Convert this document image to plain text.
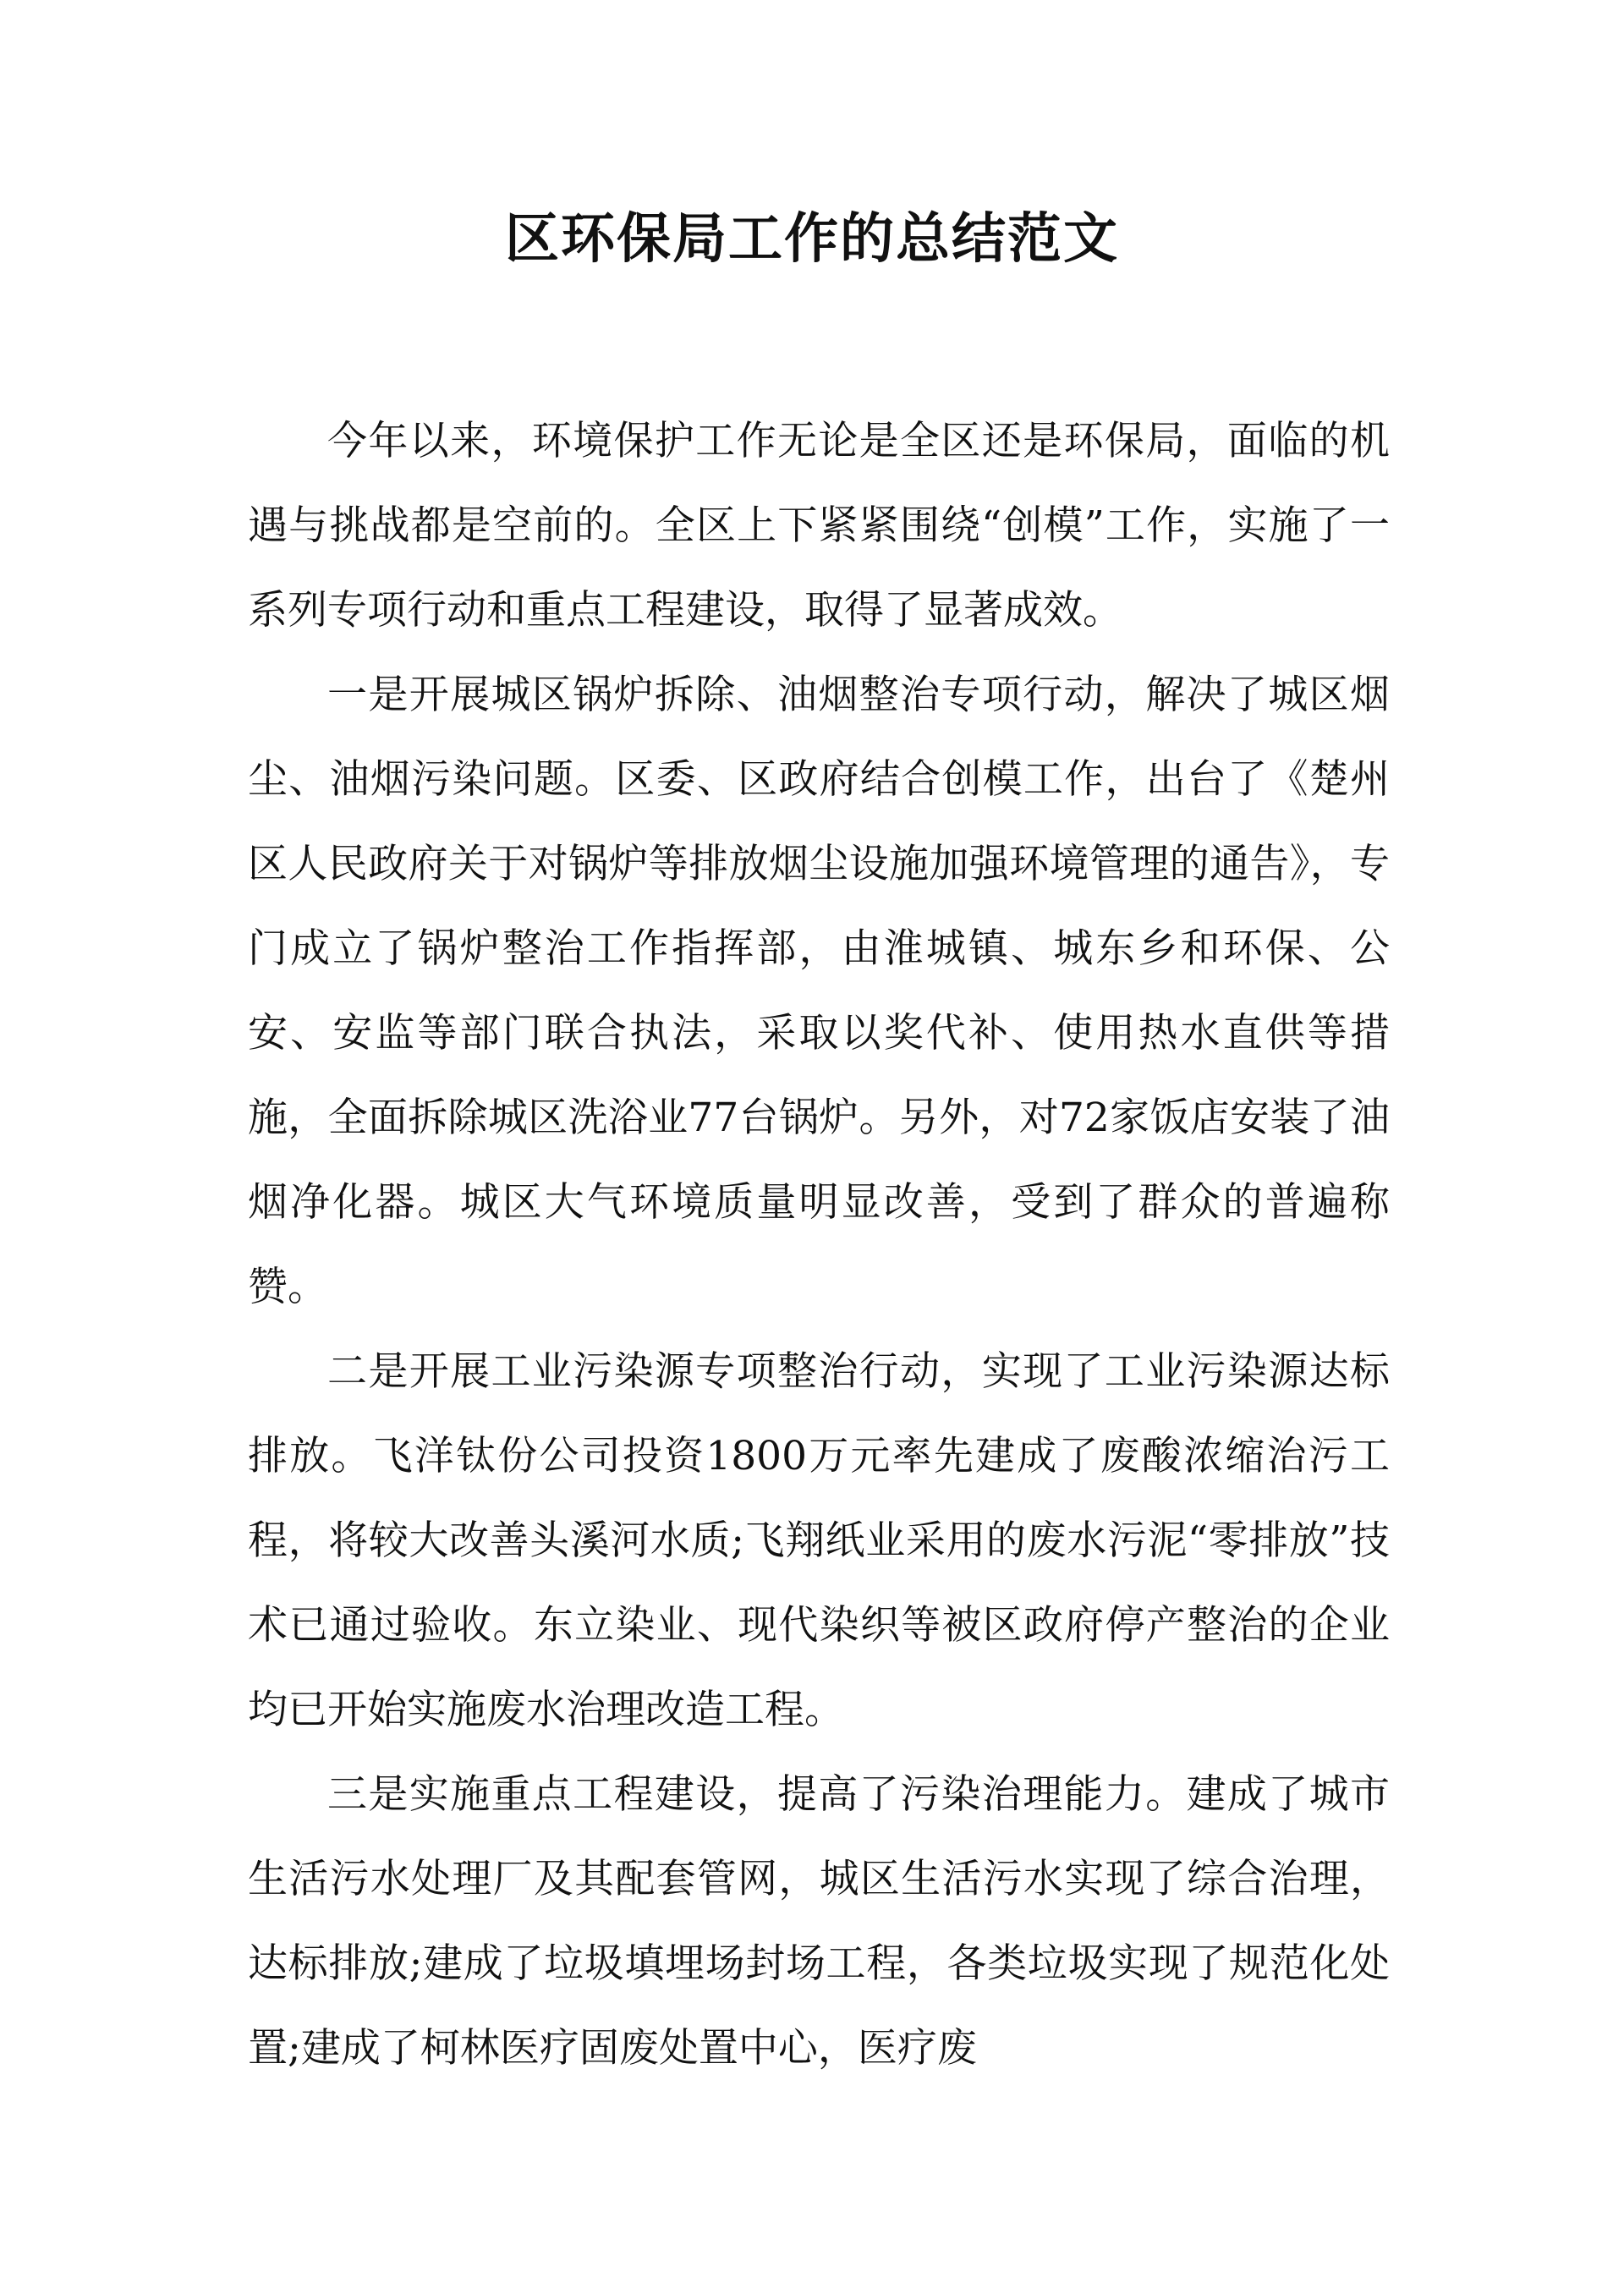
区环保局工作的总结范文

今年以来，环境保护工作无论是全区还是环保局，面临的机遇与挑战都是空前的。全区上下紧紧围绕“创模”工作，实施了一系列专项行动和重点工程建设，取得了显著成效。

一是开展城区锅炉拆除、油烟整治专项行动，解决了城区烟尘、油烟污染问题。区委、区政府结合创模工作，出台了《楚州区人民政府关于对锅炉等排放烟尘设施加强环境管理的通告》，专门成立了锅炉整治工作指挥部，由淮城镇、城东乡和环保、公安、安监等部门联合执法，采取以奖代补、使用热水直供等措施，全面拆除城区洗浴业77台锅炉。另外，对72家饭店安装了油烟净化器。城区大气环境质量明显改善，受到了群众的普遍称赞。

二是开展工业污染源专项整治行动，实现了工业污染源达标排放。飞洋钛份公司投资1800万元率先建成了废酸浓缩治污工程，将较大改善头溪河水质;飞翔纸业采用的废水污泥“零排放”技术已通过验收。东立染业、现代染织等被区政府停产整治的企业均已开始实施废水治理改造工程。

三是实施重点工程建设，提高了污染治理能力。建成了城市生活污水处理厂及其配套管网，城区生活污水实现了综合治理，达标排放;建成了垃圾填埋场封场工程，各类垃圾实现了规范化处置;建成了柯林医疗固废处置中心，医疗废
